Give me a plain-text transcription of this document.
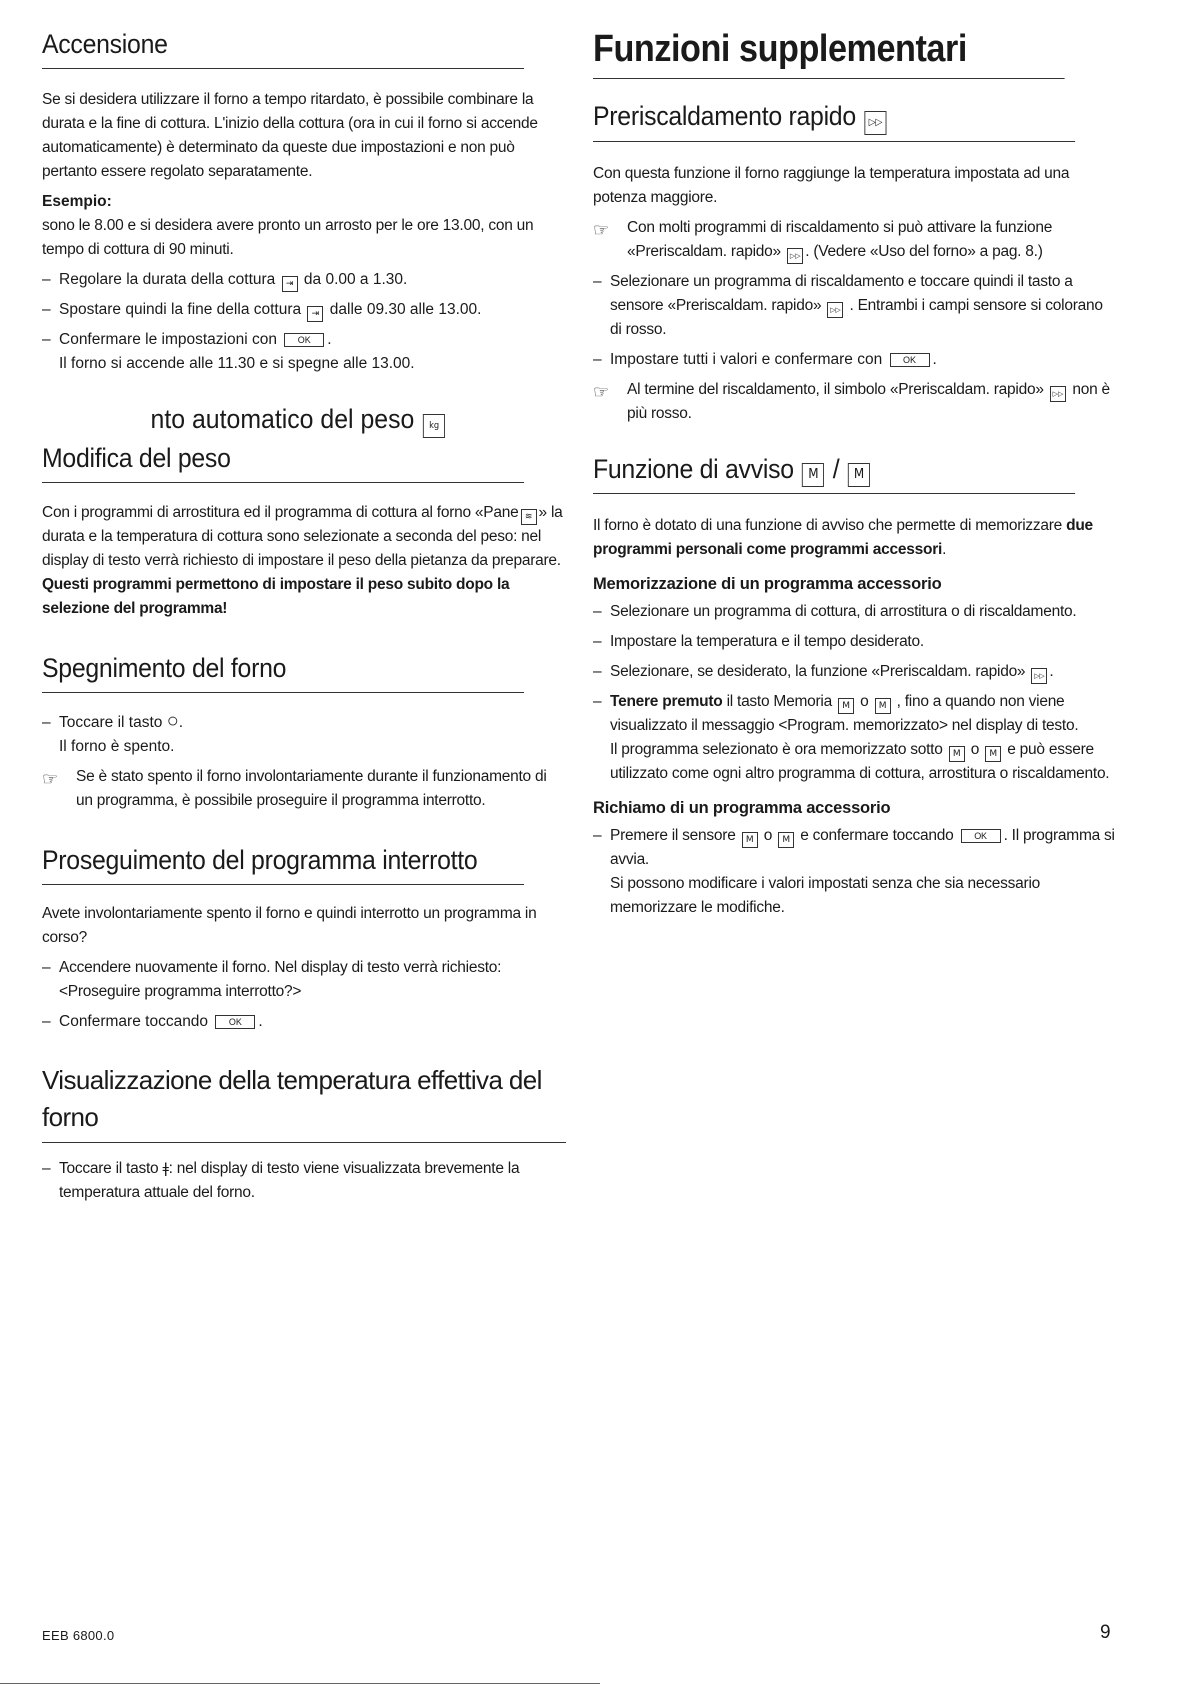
Accensione

Se si desidera utilizzare il forno a tempo ritardato, è possibile combinare la durata e la fine di cottura. L'inizio della cottura (ora in cui il forno si accende automaticamente) è determinato da queste due impostazioni e non può pertanto essere regolato separatamente.

Esempio:

sono le 8.00 e si desidera avere pronto un arrosto per le ore 13.00, con un tempo di cottura di 90 minuti.

– Regolare la durata della cottura ⇥ da 0.00 a 1.30.
– Spostare quindi la fine della cottura ⇥ dalle 09.30 alle 13.00.
– Confermare le impostazioni con OK .
Il forno si accende alle 11.30 e si spegne alle 13.00.
nto automatico del peso kg
Modifica del peso

Con i programmi di arrostitura ed il programma di cottura al forno «Pane ≋ » la durata e la temperatura di cottura sono selezionate a seconda del peso: nel display di testo verrà richiesto di impostare il peso della pietanza da preparare.

Questi programmi permettono di impostare il peso subito dopo la selezione del programma!

Spegnimento del forno
– Toccare il tasto ○.
Il forno è spento.
☞ Se è stato spento il forno involontariamente durante il funzionamento di un programma, è possibile proseguire il programma interrotto.
Proseguimento del programma interrotto

Avete involontariamente spento il forno e quindi interrotto un programma in corso?

– Accendere nuovamente il forno. Nel display di testo verrà richiesto: <Proseguire programma interrotto?>
– Confermare toccando OK .
Visualizzazione della temperatura effettiva del forno
– Toccare il tasto ǂ: nel display di testo viene visualizzata brevemente la temperatura attuale del forno.
Funzioni supplementari
Preriscaldamento rapido ▷▷

Con questa funzione il forno raggiunge la temperatura impostata ad una potenza maggiore.

☞ Con molti programmi di riscaldamento si può attivare la funzione «Preriscaldam. rapido» ▷▷ . (Vedere «Uso del forno» a pag. 8.)
– Selezionare un programma di riscaldamento e toccare quindi il tasto a sensore «Preriscaldam. rapido» ▷▷ . Entrambi i campi sensore si colorano di rosso.
– Impostare tutti i valori e confermare con OK .
☞ Al termine del riscaldamento, il simbolo «Preriscaldam. rapido» ▷▷ non è più rosso.
Funzione di avviso M / M

Il forno è dotato di una funzione di avviso che permette di memorizzare due programmi personali come programmi accessori.

Memorizzazione di un programma accessorio
– Selezionare un programma di cottura, di arrostitura o di riscaldamento.
– Impostare la temperatura e il tempo desiderato.
– Selezionare, se desiderato, la funzione «Preriscaldam. rapido» ▷▷ .
– Tenere premuto il tasto Memoria M o M , fino a quando non viene visualizzato il messaggio <Program. memorizzato> nel display di testo.
Il programma selezionato è ora memorizzato sotto M o M e può essere utilizzato come ogni altro programma di cottura, arrostitura o riscaldamento.
Richiamo di un programma accessorio
– Premere il sensore M o M e confermare toccando OK . Il programma si avvia.
Si possono modificare i valori impostati senza che sia necessario memorizzare le modifiche.
EEB 6800.0	9
